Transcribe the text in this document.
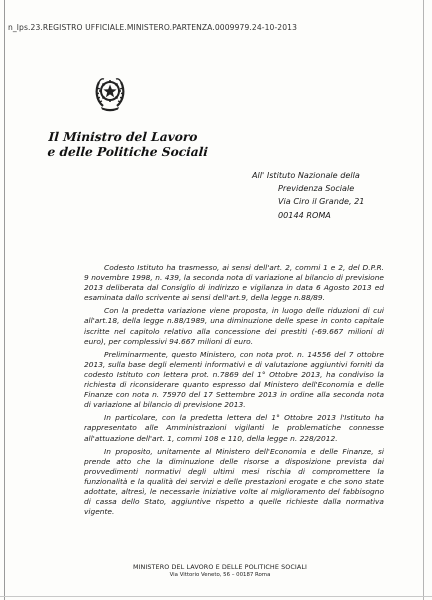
n_lps.23.REGISTRO UFFICIALE.MINISTERO.PARTENZA.0009979.24-10-2013
Il Ministro del Lavoro
e delle Politiche Sociali
All' Istituto Nazionale della
Previdenza Sociale
Via Ciro il Grande, 21
00144 ROMA

Codesto Istituto ha trasmesso, ai sensi dell'art. 2, commi 1 e 2, del D.P.R. 9 novembre 1998, n. 439, la seconda nota di variazione al bilancio di previsione 2013 deliberata dal Consiglio di indirizzo e vigilanza in data 6 Agosto 2013 ed esaminata dallo scrivente ai sensi dell'art.9, della legge n.88/89.

Con la predetta variazione viene proposta, in luogo delle riduzioni di cui all'art.18, della legge n.88/1989, una diminuzione delle spese in conto capitale iscritte nel capitolo relativo alla concessione dei prestiti (-69.667 milioni di euro), per complessivi 94.667 milioni di euro.

Preliminarmente, questo Ministero, con nota prot. n. 14556 del 7 ottobre 2013, sulla base degli elementi informativi e di valutazione aggiuntivi forniti da codesto Istituto con lettera prot. n.7869 del 1° Ottobre 2013, ha condiviso la richiesta di riconsiderare quanto espresso dal Ministero dell'Economia e delle Finanze con nota n. 75970 del 17 Settembre 2013 in ordine alla seconda nota di variazione al bilancio di previsione 2013.

In particolare, con la predetta lettera del 1° Ottobre 2013 l'Istituto ha rappresentato alle Amministrazioni vigilanti le problematiche connesse all'attuazione dell'art. 1, commi 108 e 110, della legge n. 228/2012.

In proposito, unitamente al Ministero dell'Economia e delle Finanze, si prende atto che la diminuzione delle risorse a disposizione prevista dai provvedimenti normativi degli ultimi mesi rischia di compromettere la funzionalità e la qualità dei servizi e delle prestazioni erogate e che sono state adottate, altresì, le necessarie iniziative volte al miglioramento del fabbisogno di cassa dello Stato, aggiuntive rispetto a quelle richieste dalla normativa vigente.

MINISTERO DEL LAVORO E DELLE POLITICHE SOCIALI
Via Vittorio Veneto, 56 – 00187 Roma
